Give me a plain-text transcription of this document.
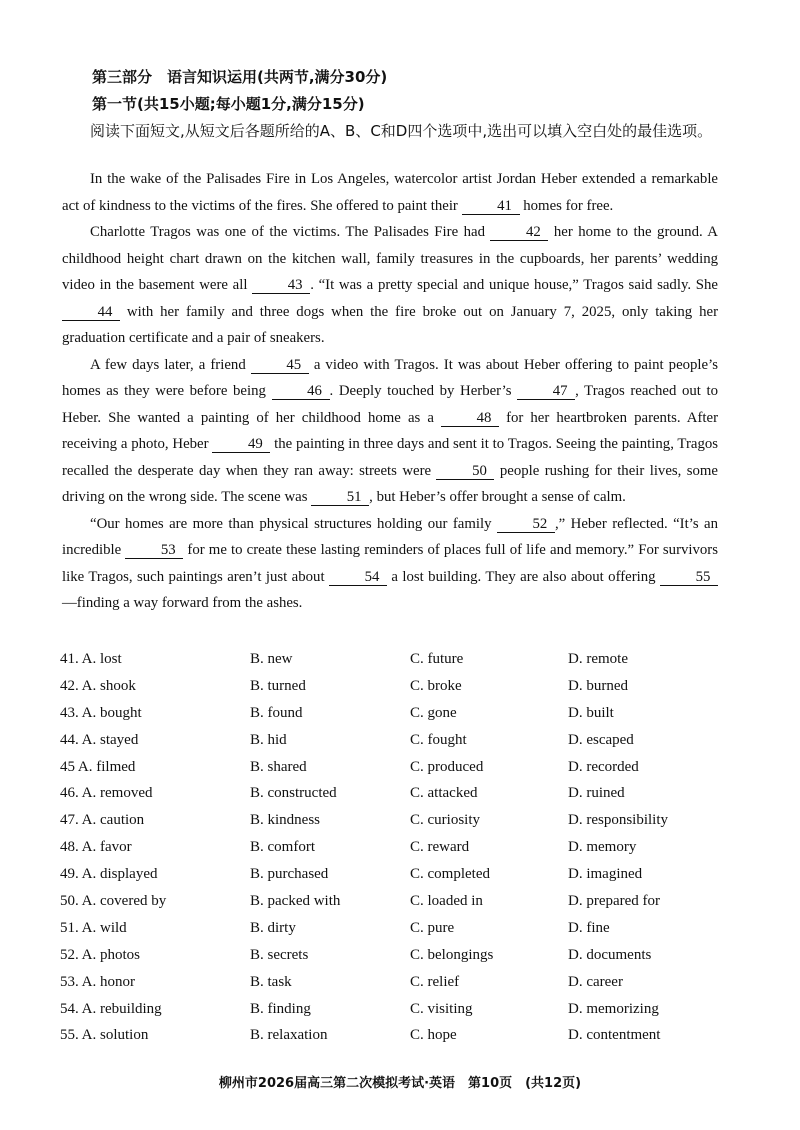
第三部分　语言知识运用(共两节,满分30分)
第一节(共15小题;每小题1分,满分15分)
阅读下面短文,从短文后各题所给的A、B、C和D四个选项中,选出可以填入空白处的最佳选项。

In the wake of the Palisades Fire in Los Angeles, watercolor artist Jordan Heber extended a remarkable act of kindness to the victims of the fires. She offered to paint their 41 homes for free.

Charlotte Tragos was one of the victims. The Palisades Fire had 42 her home to the ground. A childhood height chart drawn on the kitchen wall, family treasures in the cupboards, her parents’ wedding video in the basement were all 43 . “It was a pretty special and unique house,” Tragos said sadly. She 44 with her family and three dogs when the fire broke out on January 7, 2025, only taking her graduation certificate and a pair of sneakers.

A few days later, a friend 45 a video with Tragos. It was about Heber offering to paint people’s homes as they were before being 46 . Deeply touched by Herber’s 47 , Tragos reached out to Heber. She wanted a painting of her childhood home as a 48 for her heartbroken parents. After receiving a photo, Heber 49 the painting in three days and sent it to Tragos. Seeing the painting, Tragos recalled the desperate day when they ran away: streets were 50 people rushing for their lives, some driving on the wrong side. The scene was 51 , but Heber’s offer brought a sense of calm.

“Our homes are more than physical structures holding our family 52 ,” Heber reflected. “It’s an incredible 53 for me to create these lasting reminders of places full of life and memory.” For survivors like Tragos, such paintings aren’t just about 54 a lost building. They are also about offering 55 —finding a way forward from the ashes.

41. A. lost	B. new	C. future	D. remote
42. A. shook	B. turned	C. broke	D. burned
43. A. bought	B. found	C. gone	D. built
44. A. stayed	B. hid	C. fought	D. escaped
45 A. filmed	B. shared	C. produced	D. recorded
46. A. removed	B. constructed	C. attacked	D. ruined
47. A. caution	B. kindness	C. curiosity	D. responsibility
48. A. favor	B. comfort	C. reward	D. memory
49. A. displayed	B. purchased	C. completed	D. imagined
50. A. covered by	B. packed with	C. loaded in	D. prepared for
51. A. wild	B. dirty	C. pure	D. fine
52. A. photos	B. secrets	C. belongings	D. documents
53. A. honor	B. task	C. relief	D. career
54. A. rebuilding	B. finding	C. visiting	D. memorizing
55. A. solution	B. relaxation	C. hope	D. contentment
柳州市2026届高三第二次模拟考试·英语　第10页　(共12页)
